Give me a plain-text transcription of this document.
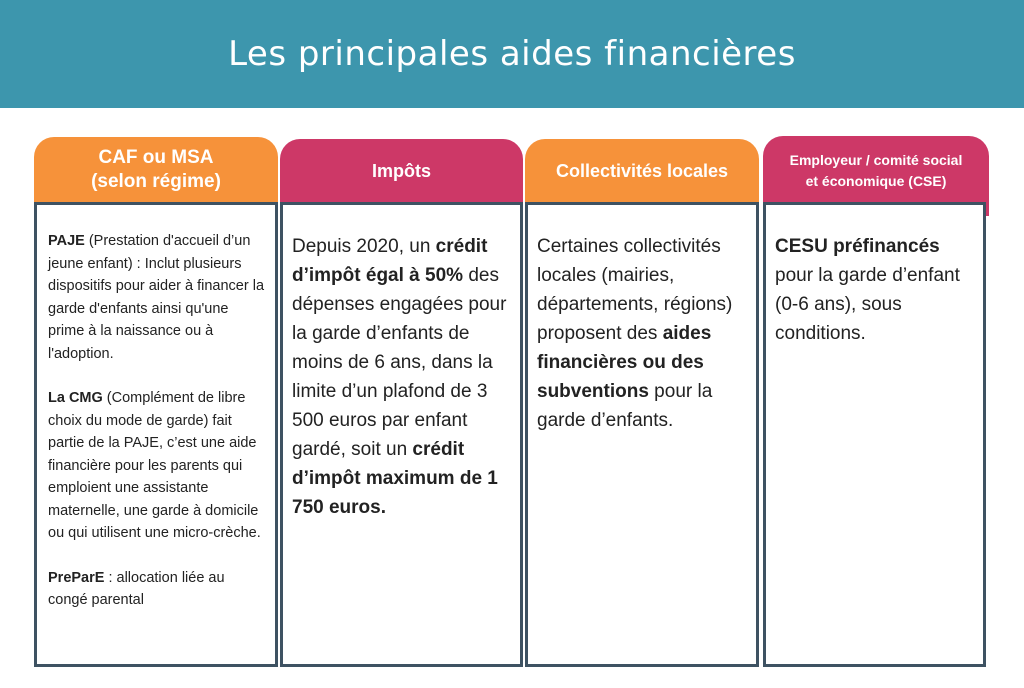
Les principales aides financières
CAF ou MSA
(selon régime)

PAJE (Prestation d'accueil d’un jeune enfant) : Inclut plusieurs dispositifs pour aider à financer la garde d'enfants ainsi qu'une prime à la naissance ou à l'adoption.

La CMG (Complément de libre choix du mode de garde) fait partie de la PAJE, c’est une aide financière pour les parents qui emploient une assistante maternelle, une garde à domicile ou qui utilisent une micro-crèche.

PreParE : allocation liée au congé parental

Impôts

Depuis 2020, un crédit d’impôt égal à 50% des dépenses engagées pour la garde d’enfants de moins de 6 ans, dans la limite d’un plafond de 3 500 euros par enfant gardé, soit un crédit d’impôt maximum de 1 750 euros.

Collectivités locales

Certaines collectivités locales (mairies, départements, régions) proposent des aides financières ou des subventions pour la garde d’enfants.

Employeur / comité social
et économique (CSE)

CESU préfinancés pour la garde d’enfant (0-6 ans), sous conditions.
